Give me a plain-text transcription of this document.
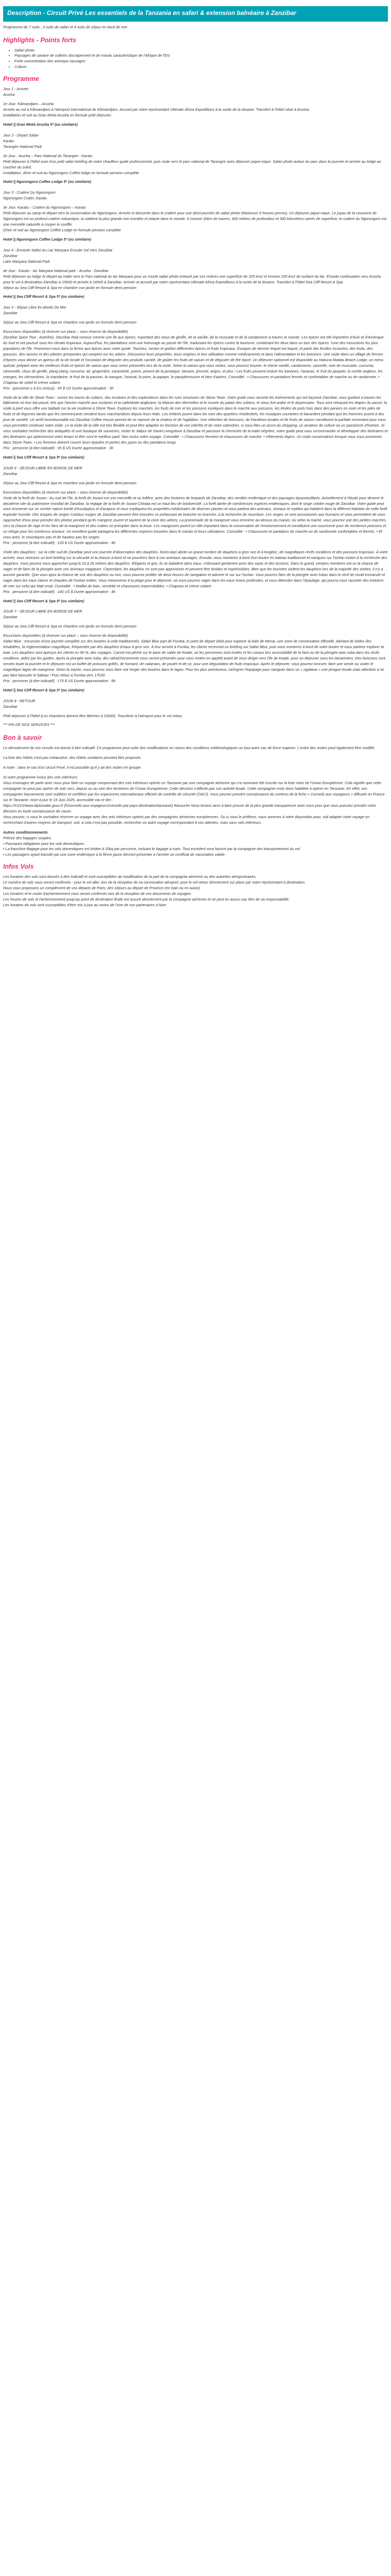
Description - Circuit Privé Les essentiels de la Tanzania en safari & extension balnéaire à Zanzibar
Programme de 7 nuits : 3 nuits de safari et 4 nuits de séjour en bord de mer
Highlights - Points forts
• Safari photo
• Paysages de savane de collines discrapement et de marais caractéristique de l'Afrique de l'Est
• Forte concentration des animaux sauvages
• Culture
Programme
Jour 1 - Arrivée
Arusha
1e Jour: Kilimandjaro – Arusha
Arrivée au vol à Kilimandjaro à l'aéroport international de Kilimandjaro. Accueil par notre représentant Ultimate Africa Expeditions à la sortie de la douane. Transfert à l'hôtel situé à Arusha.
Installation et nuit au Gran Melia Arusha en formule petit déjeuner.
Hotel || Gran Meliá Arusha 5* (ou similaire)
Jour 2 - Départ Safari
Karatu
Tarangire National Park
2e Jour : Arusha – Parc National de Tarangire - Karatu
Petit déjeuner à l'hôtel suivi d'un petit safari briefing de notre chauffeur guide professionnel, puis route vers le parc national de Tarangire avec déjeuner pique-nique. Safari photo autour du parc dans la journée et arrivée au lodge au coucher du soleil.
Installation, dîner et nuit au Ngorongoro Coffee lodge en formule pension complète
Hotel || Ngorongoro Coffee Lodge 5* (ou similaire)
Jour 3 - Cratère Du Ngorongoro
Ngorongoro Crater, Karatu
3e Jour: Karatu – Cratère du Ngorongoro – Karatu
Petit déjeuner au camp et départ vers la conservation du Ngorongoro. Arrivée et descente dans le cratère pour une demi-journée de safari photo (Maximum 6 heures permis). Un déjeuner pique-nique. Le joyau de la couronne de Ngorongoro est un profond cratère volcanique, la caldeira la plus grande non inondée et intacte dans le monde. Il mesure 20km de travers, 600 mètres de profondeur et 300 kilomètres carrés de superficie, le cratère du Ngorongoro est une merveille naturelle à couper le souffle.
Dîner et nuit au Ngorongoro Coffee Lodge en formule pension complète
Hotel || Ngorongoro Coffee Lodge 5* (ou similaire)
Jour 4 - Envoute Safari Au Lac Manyara Ensuite Vol Vers Zanzibar
Zanzibar
Lake Manyara National Park
4e Jour : Karatu - lac Manyara National park - Arusha - Zanzibar
Petit déjeuner au lodge et départ au matin vers le Parc national du lac Manyara pour un courte safari photo entouré par ses rivières une superficie de 325 km2 et environ 230 km2 de surface du lac. Ensuite continuation vers Arusha pour le vol à destination Zanzibar à 15h00 et arrivée à 16h00 à Zanzibar. Arrivée et accueil par notre représentant Ultimate Africa Expeditions à la sortie de la douane. Transfert à l'hôtel Sea Cliff Resort & Spa
Séjour au Sea Cliff Resort & Spa en chambre vue jardin en formule demi pension
Hotel || Sea Cliff Resort & Spa 5* (ou similaire)
Jour 5 - Séjour Libre En Borde De Mer
Zanzibar
Séjour au Sea Cliff Resort & Spa en chambre vue jardin en formule demi pension
Excursions disponibles (à réserver sur place – sous réserve de disponibilité)
Zanzibar Spice Tour : Autrefois, Zanzibar était connue comme une île aux épices, exportant des clous de girofle, de la vanille, de la muscade et de la cardamome à travers le monde. Les épices ont été importées d'Asie et d'Amérique du Sud et ont poussé sous les climats tropicaux. Aujourd'hui, les plantations sont une hommage au passé de l'île, traduisant les épices contre la tourisme, combinant les deux dans un tour des épices. l'une des excursions les plus populaires de l'île. Promenez-vous dans la ferme aux épices avec notre guide. Touchez, sentez et goûtez différentes épices et fruits tropicaux. Essayez de deviner lequel est lequel, et partir des feuilles écrasées, des fruits, des gousses, des racines et des plantes grimpantes qui rompent sur les arbres. Découvrez leurs propriétés, leurs origines et leur utilisation comme médicaments et dans l'alimentation et les boissons. Une visite dans un village de fermes d'épices vous donne un aperçu de la vie locale et l'occasion de déguster des produits sambé, de goûter les fruits de saison et de déguster de thé épicé. Un déjeuner optionnel est disponible au Hakuna Matata Beach Lodge, un menu spécial, préparé avec les meilleurs fruits et épices de saison que vous serez présentés lors de la visite. Selon la saison que vous visitez, vous pourrez trouver: le cherie vanille, cardamome, cannelle, noix de muscade, curcuma, citronnelle, clous de girofle, ylang-ylang, curcuma, ail, gingembre, carambole, poivre, piment de la jamaïque, tamarin, jimmed, arigos, et plus ! Les fruits peuvent inclure les bananes, l'ananas, le fruit du jacquier, la corète angleux, les oranges, les clémentines, la mandarine, le fruit de la passion, la mangue, l'avocat, la poire, la papaye, le pamplemousse et bien d'autres. Comodité : • Chaussures et pantalons fermés et confortables de marche ou de randonnée. • Chapeau de soleil et crème solaire.
Prix : (personne ≥ 8 (ns inclus)) : 65 $ US Durée approximative : 3h
Visite de la ville de Stone Town : suivez les traces du sultans, des esclaves et des explorateurs dans les rues sinueuses de Stone Town. Votre guide vous raconte les événements qui ont façonné Zanzibar, vous guidant à travers les bâtiments où leur fait passé, tels que l'ancien marché aux esclaves et la cathédrale anglicane, la Maison des Merveilles et le musée du palais des sultans, le vieux fort arabe et le dispensaire. Tous sont retraçant les étapes du passé, la visite à pied vous offre une ballade sur la vie moderne à Stone Town. Explorez les marchés, les fruits de mer et les poissons exotiques dans le marché aux poissons, les étoiles de poils frais dans des paniers en osier et les piles de fruits et de légumes tandis que les commerçants vendent leurs marchandises depuis leurs étals. Les enfants jouent dans les rues des quartiers résidentiels, les musiques courantes et bavardent pendant que les hommes jouent à des jeux de société. Un arrêt incontournable est Zanzibar Coffee House permet de se reposer de la chaleur et de l'agitation. Une sélection de boissons, de friandises locales et de fruits de saison constituent la parfaite remontant pour vous vous permettre continuer votre visite. Le la visite de la ville est très flexible et peut être adaptée en fonction de vos intérêts et de votre calendrier, si vous êtes un accro du shopping, un amateur de culture ou un passionné d'histoire. Si vous souhaitez rechercher des antiquités et une boutique de souvenirs, visiter le Jalipur de David Livingstone à Zanzibar et parcourir la cheminée de la traite négrière, votre guide peut vous recommander et développer des itinéraires et des itinéraires qui optimiseront votre temps et être sont le meilleur parti. Non inclus votre voyage. Comodité : • Chaussures fermées et chaussures de marche. • Vêtements légers. Un code conservatrice lorsque vous vous promenez dans Stone Town. • Les femmes doivent couvrir leurs épaules et portez des jupes ou des pantalons longs.
Prix : personne (à titre indicatif) : 65 $ US Durée approximative : 3h
Hotel || Sea Cliff Resort & Spa 5* (ou similaire)
JOUR 6 - SÉJOUR LIBRE EN BORDE DE MER
Zanzibar
Séjour au Sea Cliff Resort & Spa en chambre vue jardin en formule demi pension
Excursions disponibles (à réserver sur place – sous réserve de disponibilité)
Visite de la forêt de Jozani : Au sud de l'île, la forêt de Jozani est une merveille et un édifice, avec des histoires de leopards de Zanzibar, des ventiles endémique et des paysages époustouflants. Actuellement à l'étude pour devenir le deuxième site du patrimoine mondial de Zanzibar, la réglage de la forêt de Jozani-Chiwaa est un haut lieu de biodiversité. La forêt abrite de nombreuses espèces endémiques, dont le singe colobe rouge de Zanzibar. Votre guide peut vous emmener sur un sentier nature bordé d'eucalyptus et d'acajous et vous expliquera les propriétés médicinales de diverses plantes et vous parlera des animaux, oiseaux et reptiles qui habitent dans la différent habitats de cette forêt tropicale humide. Des troupes de singes Colobus rouges de Zanzibar peuvent être trouvées se prélassant de branche en branche, à la recherche de nourriture. Les singes se sont accoutumés aux humains et vous permettent de vous rapprocher d'eux pour prendre des photos pendant qu'ils mangent, jouent et sautent de la cime des arbres. La promenade de la mangrove vous emmène au-dessus du marais, où selon la marée, vous pourrez voir des petites marches vers la chasse de rage et les fans de la mangrove et des crabes se précipiter dans la boue. Les mangroves jouent un rôle important dans la conservation de l'environnement et constituent une nourricerie pour de nombreux poissons et un refuge pour les nombreux oiseaux. Un excellent guide partagera les différentes espèces trouvées dans le marais et leurs utilisations. Comodité : • Chaussures et pantalons de marche ou de randonnée confortables et fermés. • Et vous avez, le moustiques pas et de hauteur pas les singes.
Prix : personne (à titre indicatif) : 120 $ US Durée approximative : 4h
Visite des dauphins : sur la côte sud de Zanzibar peut une journée d'observation des dauphins. Kizim-kazi abrite un grand nombre de dauphins à gros nez et à longbec, de magnifiques récifs coralliens et des poissons tropicaux. À votre arrivée, vous recevrez un bref briefing sur la sécurité et la chasse à bord et ne pouchers face à ces animaux sauvages. Ensuite, vous monterez à bord d'un boutre en bateau traditionnel et naviguez sur l'océan Indien à la recherche des dauphins. Vous pouvez vous approcher jusqu'à 10 à 20 mètres des dauphins. Elégants et gris, ils se baladent dans eaux, s'ébrouant gentiment avec des sauts et des torsions. Dans le grand, certains membres ont vu la chance de nager et de faire de la plongée avec ces animaux magiques. Cependant, les dauphins ne sont pas apprivoisés et peuvent être timides et imprévisibles. Bien que les touristes visitent les dauphins lors de la majorité des sorties, il n'y a aucune garantie. Que vous ayez la chance de voir des dauphins ou non, vous pourrez profiter de deux heures de navigation et admirer le sur sur l'océan. Vous pourrez faire de la plongée avec tubas dans le récif de corail immaculé et nager dans les eaux claires et chaudes de l'océan Indien. Vous retournerez à la plage pour le déjeuner, où vous pourrez nager dans les eaux moins profondes, et vous détendre dans l'épaulage, qui pourra vous raconter des histoires de mer sur celui qui était emal. Comodité : • Maillot de bain, serviette et chaussures imperméables. • Chapeau et crème solaire.
Prix : personne (à titre indicatif) : 140 US $ Durée approximative : 4h
Hotel || Sea Cliff Resort & Spa 5* (ou similaire)
JOUR 7 - SÉJOUR LIBRE EN BORDE DE MER
Zanzibar
Séjour au Sea Cliff Resort & Spa en chambre vue jardin en formule demi pension
Excursions disponibles (à réserver sur place – sous réserve de disponibilité)
Safari Blue : excursion d'une journée complète sur des boutres à voile traditionnels. Safari Blue part de Fumba, le point de départ idéal pour explorer la baie de Menai, une zone de conservation officielle. Alertant de belles îles inhabitées, la réglementation magnifique, fréquentée par des dauphins d'eaux à gros nez. À leur arrivée à Fumba, les clients recevront un briefing sur Safari Blue, puis vous monterez à bord de votre boutre et vous partirez explorer la baie. Les dauphins sont aperçus les clients en 90 %, des voyages. Carnet est pêché sur le banc de sable de Kwale, où les personnes sont invités et les coraux lors accessibilité de la faim ou de la plongée avec tuba dans les récifs coralliens, aidés par les guides. Après la plongée avec tuba, des rafraîchissements vous seront présentés pour vous mettre en appétit avant de vous diriger vers l'île de Kwale, pour un déjeuner sous les tamariniers. Des boissons sont servies toute la journée et le déjeuner est un buffet de poissons grillés, de homard, de calamars, de poulet et de riz, pour une dégustation de fruits tropicaux. Après le déjeuner, vous pourrez bronzer, faire une sieste ou visiter le magnifique lagon de mangrove. Selon la marée, vous pourrez vous faire voir longer des boutres dans le lagon. Pour les plus aventureux, nz/Ingres l'équipage pour naviguer dans un « ngalawa » une pirogue locale mais attention à ne pas faire basculer le bateau ! Puis retour à Fumba vers 17h30.
Prix : personne (à titre indicatif) : 175 $ US Durée approximative : 8h
Hotel || Sea Cliff Resort & Spa 5* (ou similaire)
JOUR 8 - RETOUR
Zanzibar
Petit déjeuner à l'hôtel (Les chambres doivent être libérées à 10h00). Transferts à l'aéroport pour le vol retour
*** FIN DE NOS SERVICES ***
Bon à savoir
Le déroulement de vos circuits est donné à titre indicatif. Ce programme peut subir des modifications en raison des conditions météorologiques ou tout autre cas de force majeure. L'ordre des visites peut également être modifié.
La liste des hôtels n'est pas exhaustive, des hôtels similaires peuvent être proposés
A noter : dans le cas d'un circuit Privé, il est possible qu'il y ait des visites en groupe.
Si votre programme inclus des vols intérieurs:
Vous envisagez de partir avec nous pour faire un voyage comprenant des vols intérieurs opérés en Tanzanie par une compagnie aérienne qui n'a nommant été inscrite sur la liste noire de l'Union Européenne. Cela signifie que cette compagnie ne peut pas opérer de vols vers, depuis ou au sein des territoires de l'Union Européenne. Cette décision n'affecte pas son activité locale. Cette compagnie reste donc habilitée à opérer en Tanzanie. En effet, ses compagnies bassements sont oubliées et certifiées par les organismes internationaux officiels de contrôle de sécurité (OACI). Vous pouvez prendre connaissance du contenu de la fiche « Conseils aux voyageurs » diffusée en France sur le Tanzanie, mise à jour le 19 Juin 2025, accessible via ce lien :
https://XXXX/www.diplomatie.gouv.fr (fr/conseils-aux-voyageurs/conseils-par-pays-destination/tanzanie) Rassurée Nous tenons ainsi à faire preuve de la plus grande transparence avec vous pour que vous puissiez prendre votre décision en toute connaissance de cause.
Vous pouvez, si vous le souhaitez réserver un voyage avec des vols intérieurs opérés par des compagnies aériennes européennes. Ou si vous le préférez, nous sommes à votre disposition pour, soit adapter votre voyage en recherchant d'autres moyens de transport, soit, à cela n'est pas possible, rechercher un autre voyage correspondant à vos attentes, mais sans vols intérieurs.
Autres conditionnements
Prévoir des bagages souples.
• Passeport obligatoire pour les vols domestiques.
• La franchise Bagage pour les vols domestiques est limitée à 20kg par personne, incluant le bagage à main. Tout excédent sera facturé par la compagnie des transportement du vol.
• Les passagers ayant transité par une zone endémique à la fièvre jaune devront présenter à l'arrivée un certificat de vaccination valide.
Infos Vols
Les horaires des vols sont donnés à titre indicatif et sont susceptibles de modification de la part de la compagnie aérienne ou des autorités aéroportuaires.
Le numéro de vols vous seront confirmés - pour le vol aller, lors de la réception de sa convocation aéroport, pour le vol retour directement sur place par notre représentant à destination.
Nous vous proposons un complément de vos départs de Paris, des séjours au départ de Province (en train ou en avion).
Les horaires et le mode d'acheminement vous seront confirmés lors de la réception de vos documents de voyages.
Les heures de vols et l'acheminement jusqu'au point de destination finale est assuré directement par la compagnie aérienne et ne peut en aucun cas être de sa responsabilité.
Les horaires de vols sont susceptibles d'être mis à jour au moins de l'une de nos partenaires à faire.
